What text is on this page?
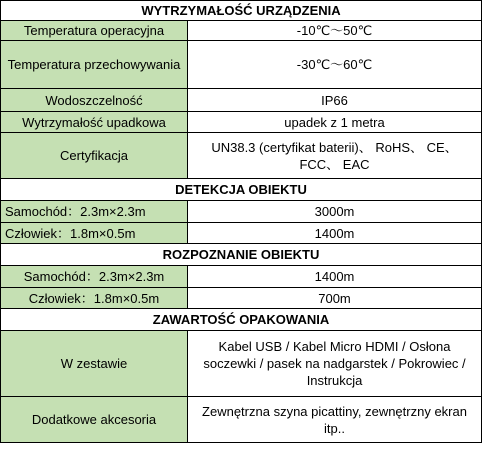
WYTRZYMAŁOŚĆ URZĄDZENIA	
Temperatura operacyjna	-10℃～50℃
Temperatura przechowywania	-30℃～60℃
Wodoszczelność	IP66
Wytrzymałość upadkowa	upadek z 1 metra
Certyfikacja	UN38.3 (certyfikat baterii)、 RoHS、 CE、 FCC、 EAC
DETEKCJA OBIEKTU	
Samochód：2.3m×2.3m	3000m
Człowiek：1.8m×0.5m	1400m
ROZPOZNANIE OBIEKTU	
Samochód：2.3m×2.3m	1400m
Człowiek：1.8m×0.5m	700m
ZAWARTOŚĆ OPAKOWANIA	
W zestawie	Kabel USB / Kabel Micro HDMI / Osłona soczewki / pasek na nadgarstek / Pokrowiec / Instrukcja
Dodatkowe akcesoria	Zewnętrzna szyna picattiny, zewnętrzny ekran itp..
